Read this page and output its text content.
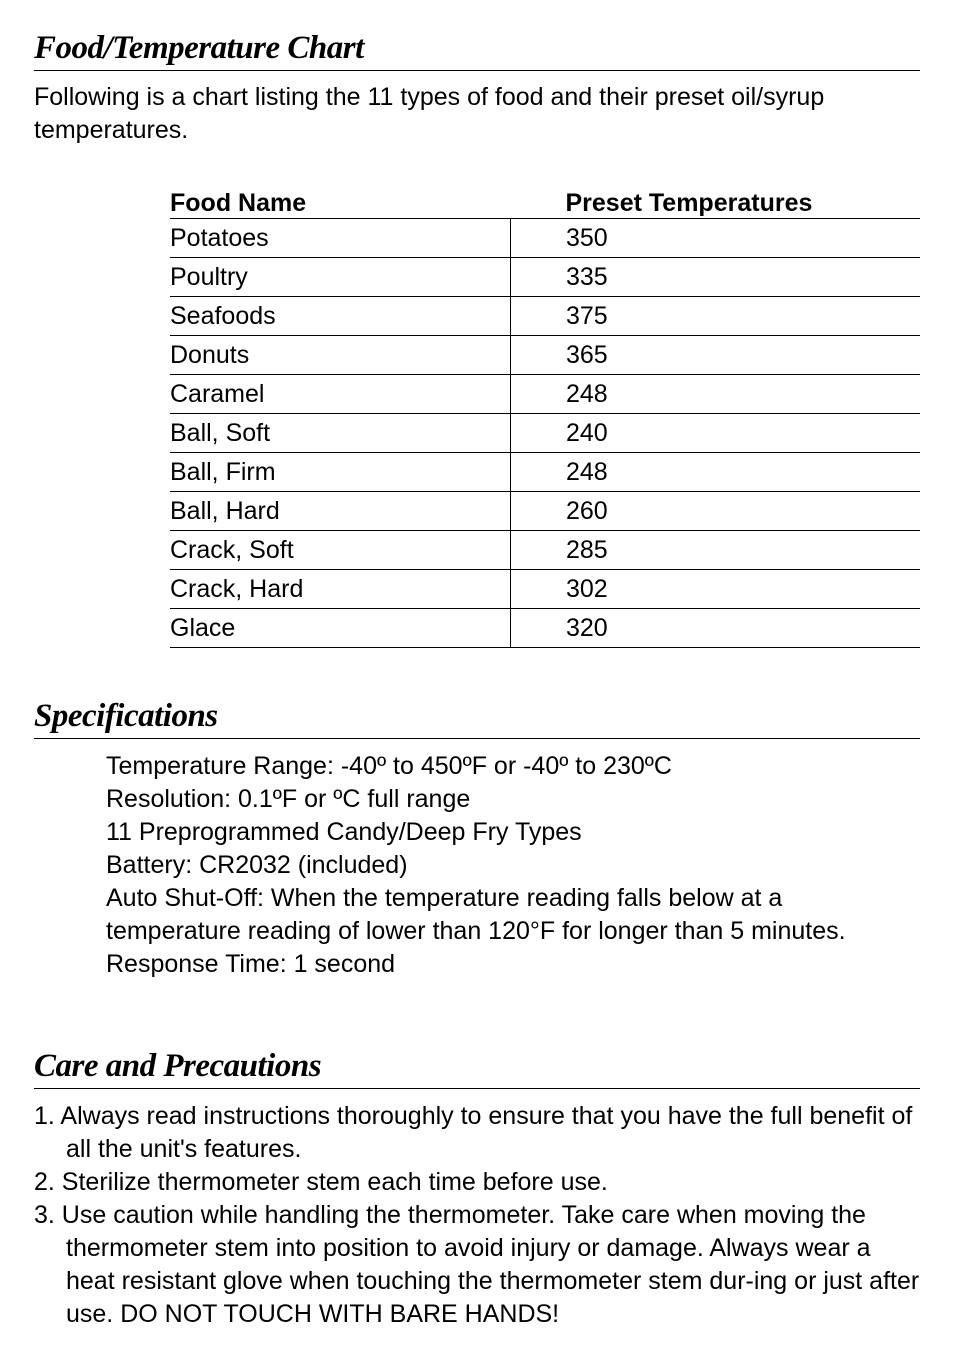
Food/Temperature Chart

Following is a chart listing the 11 types of food and their preset oil/syrup temperatures.

Food Name	Preset Temperatures
Potatoes	350
Poultry	335
Seafoods	375
Donuts	365
Caramel	248
Ball, Soft	240
Ball, Firm	248
Ball, Hard	260
Crack, Soft	285
Crack, Hard	302
Glace	320
Specifications
Temperature Range: -40º to 450ºF or -40º to 230ºC
Resolution: 0.1ºF or ºC full range
11 Preprogrammed Candy/Deep Fry Types
Battery: CR2032 (included)
Auto Shut-Off: When the temperature reading falls below at a temperature reading of lower than 120°F for longer than 5 minutes.
Response Time: 1 second
Care and Precautions
1. Always read instructions thoroughly to ensure that you have the full benefit of all the unit's features.
2. Sterilize thermometer stem each time before use.
3. Use caution while handling the thermometer. Take care when moving the thermometer stem into position to avoid injury or damage. Always wear a heat resistant glove when touching the thermometer stem dur-ing or just after use. DO NOT TOUCH WITH BARE HANDS!
